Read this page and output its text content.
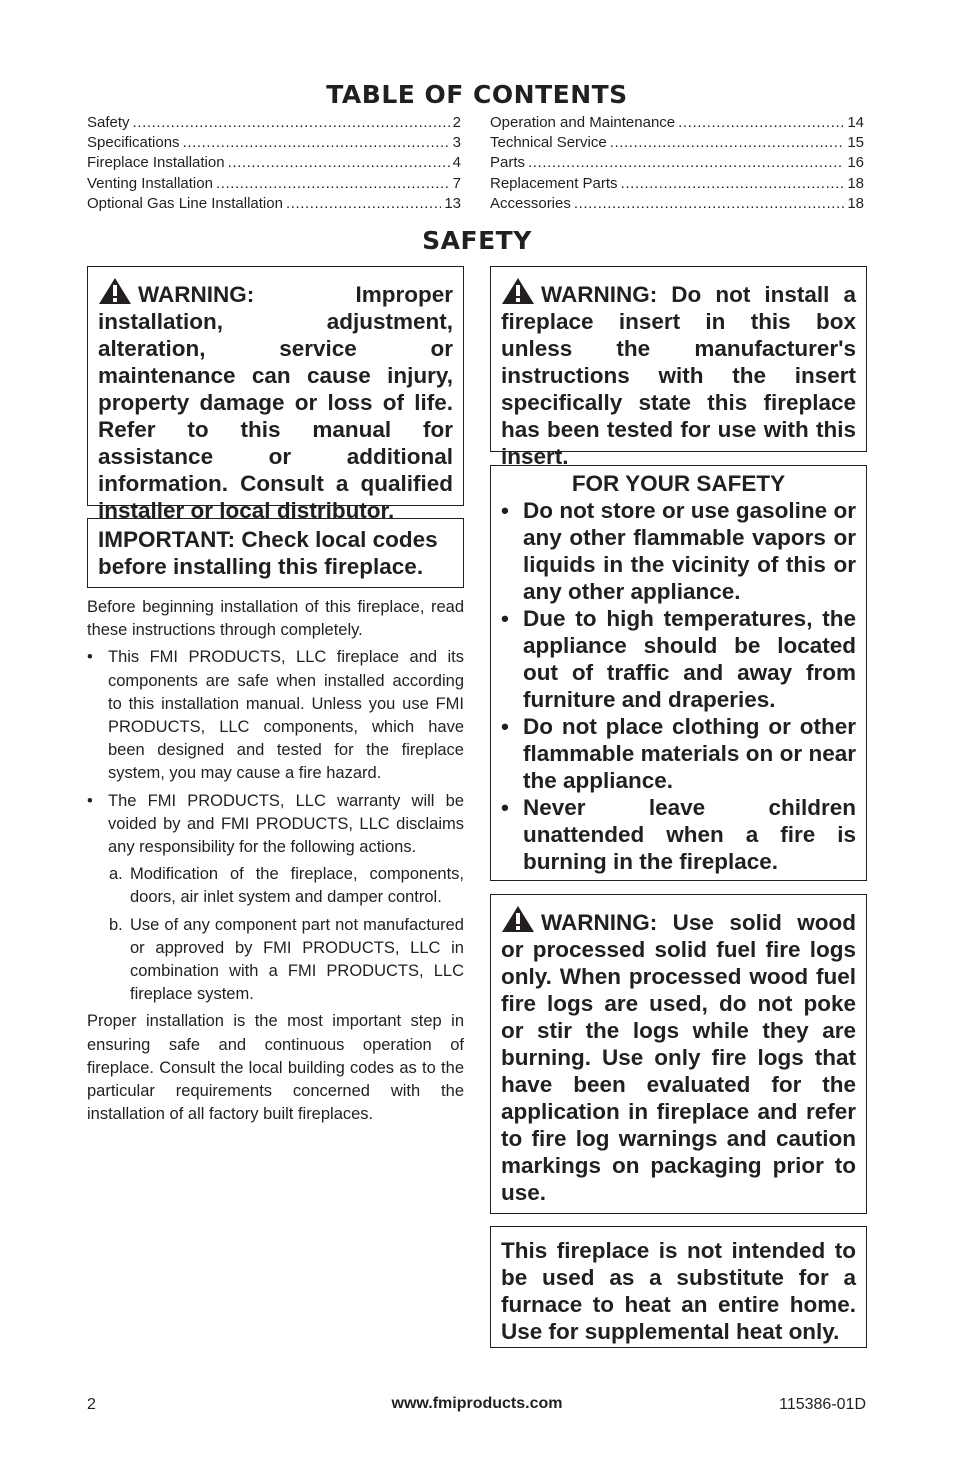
TABLE OF CONTENTS
Safety .....	2
Specifications .....	3
Fireplace Installation .....	4
Venting Installation .....	7
Optional Gas Line Installation .....	13
Operation and Maintenance .....	14
Technical Service .....	15
Parts .....	16
Replacement Parts .....	18
Accessories .....	18
SAFETY

WARNING: Improper installation, adjustment, alteration, service or maintenance can cause injury, property damage or loss of life. Refer to this manual for assistance or additional information. Consult a qualified installer or local distributor.

IMPORTANT: Check local codes before installing this fireplace.

Before beginning installation of this fireplace, read these instructions through completely.

• This FMI PRODUCTS, LLC fireplace and its components are safe when installed according to this installation manual. Unless you use FMI PRODUCTS, LLC components, which have been designed and tested for the fireplace system, you may cause a fire hazard.
• The FMI PRODUCTS, LLC warranty will be voided by and FMI PRODUCTS, LLC disclaims any responsibility for the following actions.
a. Modification of the fireplace, components, doors, air inlet system and damper control.
b. Use of any component part not manufactured or approved by FMI PRODUCTS, LLC in combination with a FMI PRODUCTS, LLC fireplace system.

Proper installation is the most important step in ensuring safe and continuous operation of fireplace. Consult the local building codes as to the particular requirements concerned with the installation of all factory built fireplaces.

WARNING: Do not install a fireplace insert in this box unless the manufacturer's instructions with the insert specifically state this fireplace has been tested for use with this insert.

FOR YOUR SAFETY
• Do not store or use gasoline or any other flammable vapors or liquids in the vicinity of this or any other appliance.
• Due to high temperatures, the appliance should be located out of traffic and away from furniture and draperies.
• Do not place clothing or other flammable materials on or near the appliance.
• Never leave children unattended when a fire is burning in the fireplace.

WARNING: Use solid wood or processed solid fuel fire logs only. When processed wood fuel fire logs are used, do not poke or stir the logs while they are burning. Use only fire logs that have been evaluated for the application in fireplace and refer to fire log warnings and caution markings on packaging prior to use.

This fireplace is not intended to be used as a substitute for a furnace to heat an entire home. Use for supplemental heat only.

2	www.fmiproducts.com	115386-01D
